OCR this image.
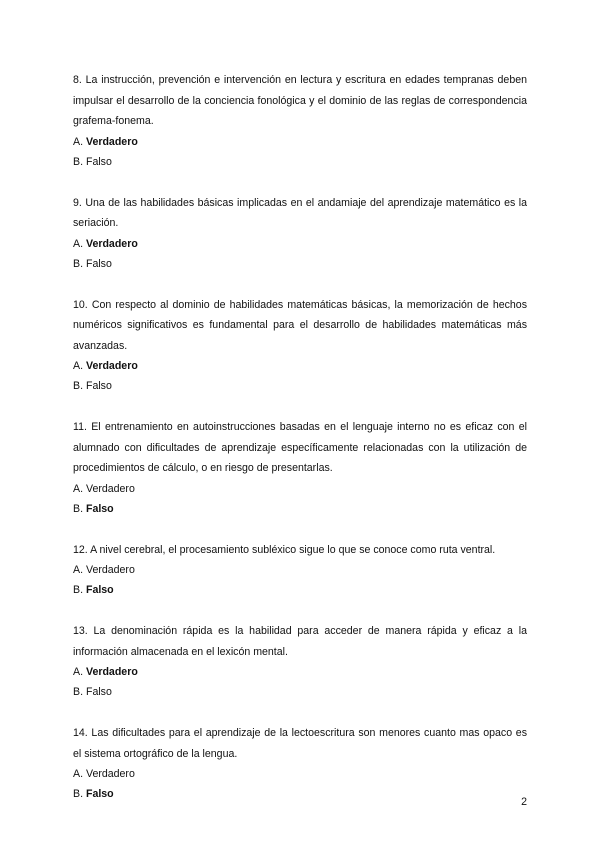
8. La instrucción, prevención e intervención en lectura y escritura en edades tempranas deben impulsar el desarrollo de la conciencia fonológica y el dominio de las reglas de correspondencia grafema-fonema.

A. Verdadero

B. Falso

9. Una de las habilidades básicas implicadas en el andamiaje del aprendizaje matemático es la seriación.

A. Verdadero

B. Falso

10. Con respecto al dominio de habilidades matemáticas básicas, la memorización de hechos numéricos significativos es fundamental para el desarrollo de habilidades matemáticas más avanzadas.

A. Verdadero

B. Falso

11. El entrenamiento en autoinstrucciones basadas en el lenguaje interno no es eficaz con el alumnado con dificultades de aprendizaje específicamente relacionadas con la utilización de procedimientos de cálculo, o en riesgo de presentarlas.

A. Verdadero

B. Falso

12. A nivel cerebral, el procesamiento subléxico sigue lo que se conoce como ruta ventral.

A. Verdadero

B. Falso

13. La denominación rápida es la habilidad para acceder de manera rápida y eficaz a la información almacenada en el lexicón mental.

A. Verdadero

B. Falso

14. Las dificultades para el aprendizaje de la lectoescritura son menores cuanto mas opaco es el sistema ortográfico de la lengua.

A. Verdadero

B. Falso

2
